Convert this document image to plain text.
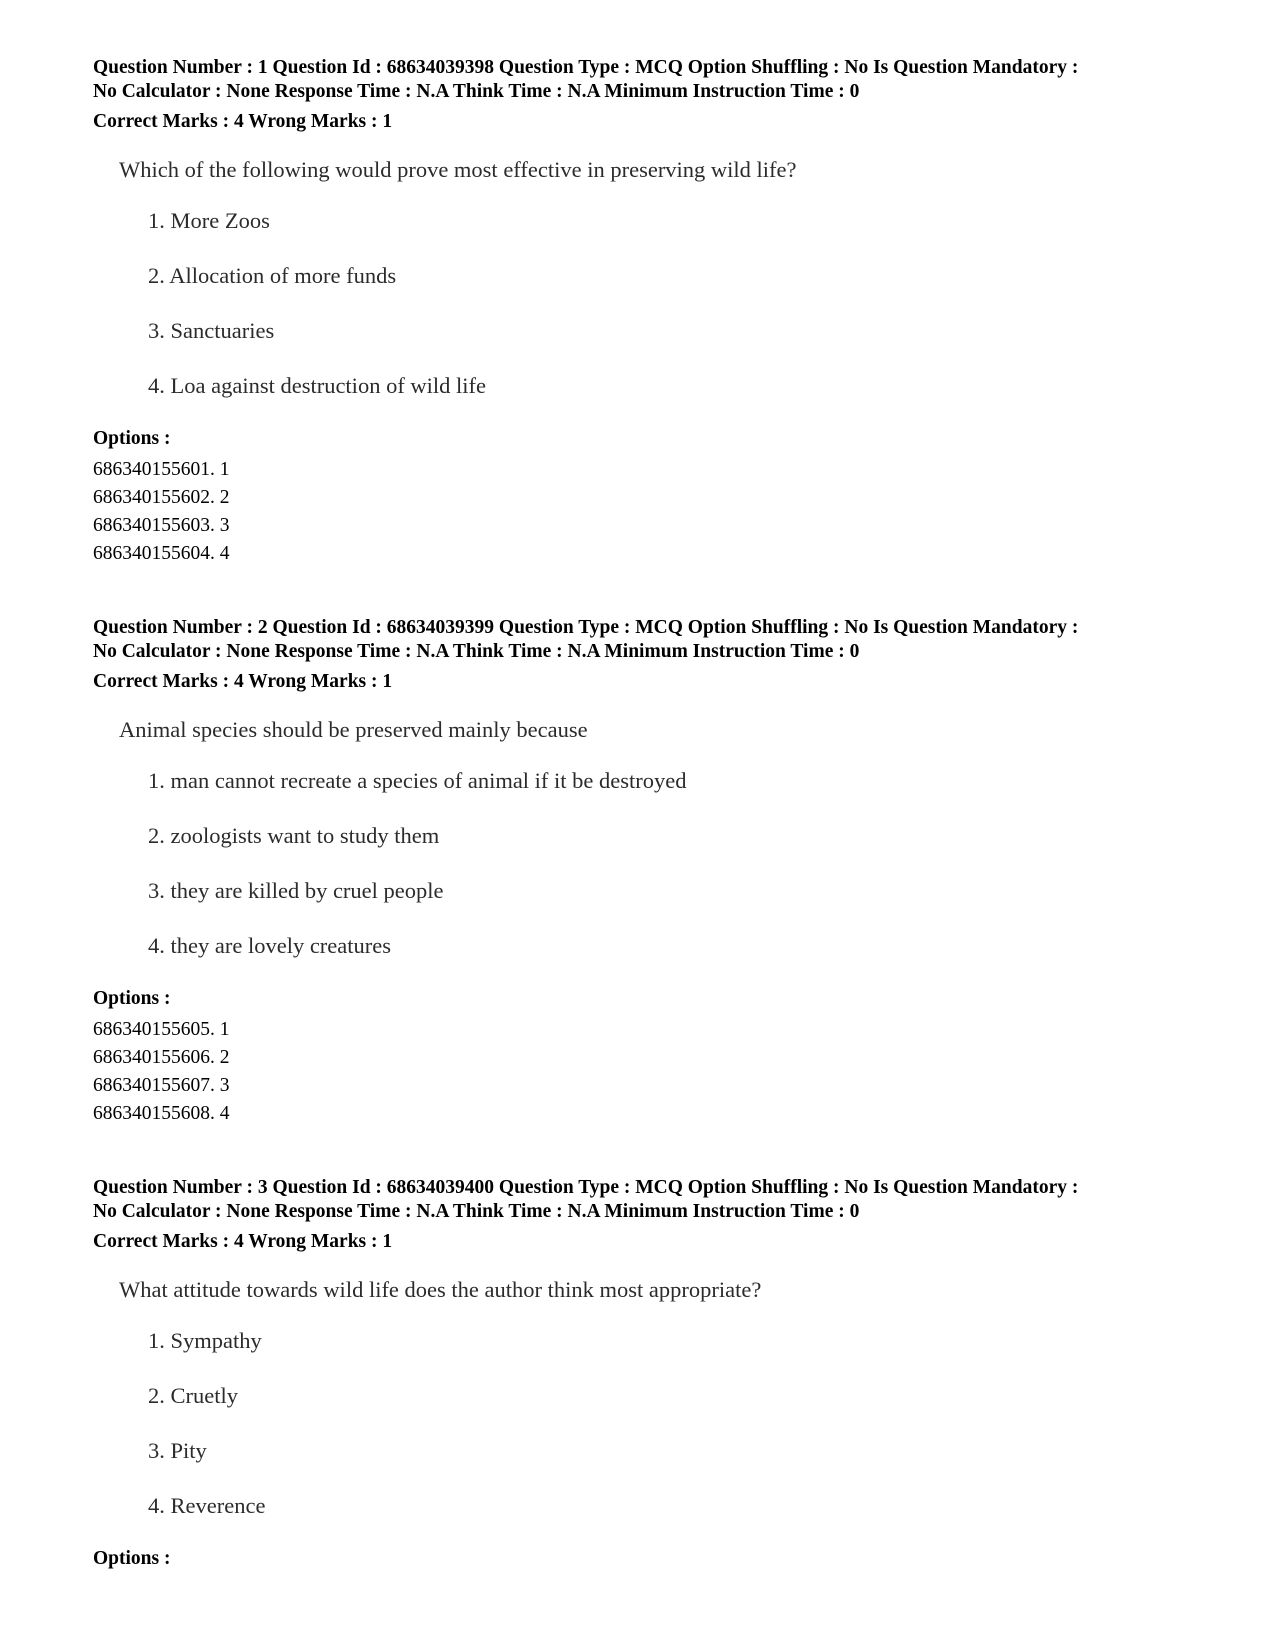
Question Number : 1 Question Id : 68634039398 Question Type : MCQ Option Shuffling : No Is Question Mandatory :

No Calculator : None Response Time : N.A Think Time : N.A Minimum Instruction Time : 0

Correct Marks : 4 Wrong Marks : 1
Which of the following would prove most effective in preserving wild life?
1. More Zoos
2. Allocation of more funds
3. Sanctuaries
4. Loa against destruction of wild life
Options :
686340155601. 1
686340155602. 2
686340155603. 3
686340155604. 4

Question Number : 2 Question Id : 68634039399 Question Type : MCQ Option Shuffling : No Is Question Mandatory :

No Calculator : None Response Time : N.A Think Time : N.A Minimum Instruction Time : 0

Correct Marks : 4 Wrong Marks : 1
Animal species should be preserved mainly because
1. man cannot recreate a species of animal if it be destroyed
2. zoologists want to study them
3. they are killed by cruel people
4. they are lovely creatures
Options :
686340155605. 1
686340155606. 2
686340155607. 3
686340155608. 4

Question Number : 3 Question Id : 68634039400 Question Type : MCQ Option Shuffling : No Is Question Mandatory :

No Calculator : None Response Time : N.A Think Time : N.A Minimum Instruction Time : 0

Correct Marks : 4 Wrong Marks : 1
What attitude towards wild life does the author think most appropriate?
1. Sympathy
2. Cruetly
3. Pity
4. Reverence
Options :
